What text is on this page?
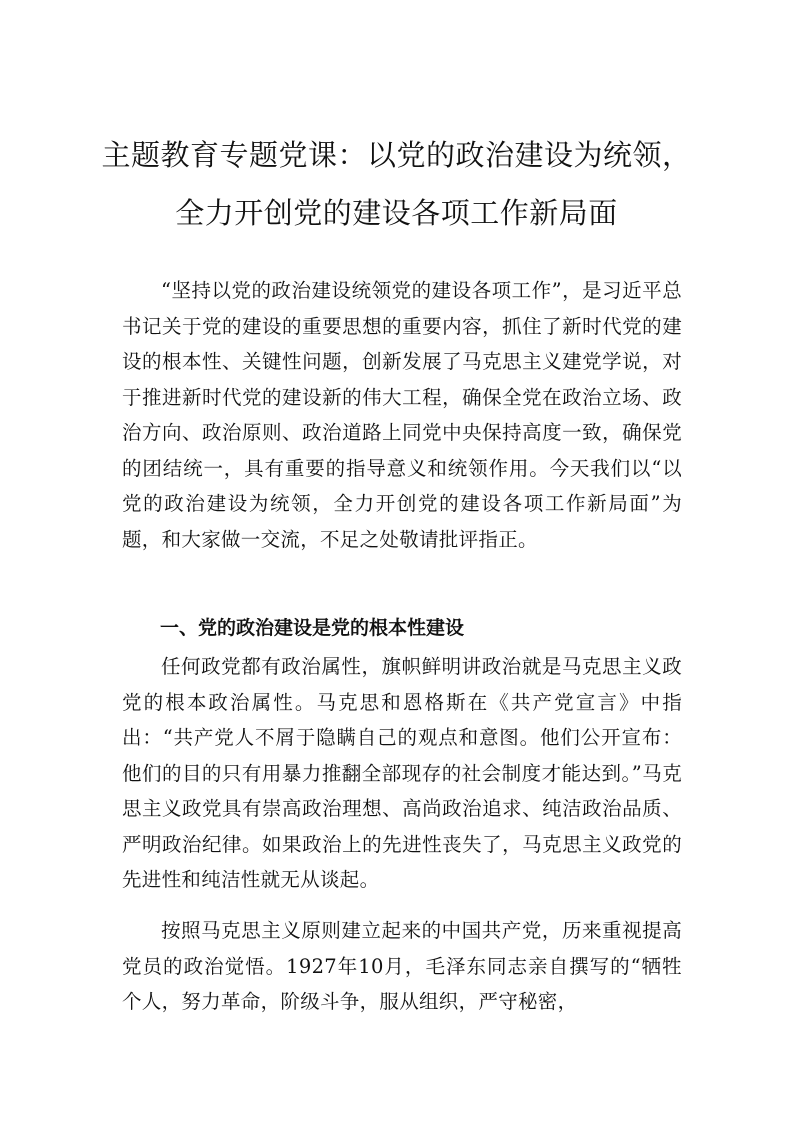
主题教育专题党课：以党的政治建设为统领，
全力开创党的建设各项工作新局面

“坚持以党的政治建设统领党的建设各项工作”，是习近平总书记关于党的建设的重要思想的重要内容，抓住了新时代党的建设的根本性、关键性问题，创新发展了马克思主义建党学说，对于推进新时代党的建设新的伟大工程，确保全党在政治立场、政治方向、政治原则、政治道路上同党中央保持高度一致，确保党的团结统一，具有重要的指导意义和统领作用。今天我们以“以党的政治建设为统领，全力开创党的建设各项工作新局面”为题，和大家做一交流，不足之处敬请批评指正。

一、党的政治建设是党的根本性建设

任何政党都有政治属性，旗帜鲜明讲政治就是马克思主义政党的根本政治属性。马克思和恩格斯在《共产党宣言》中指出：“共产党人不屑于隐瞒自己的观点和意图。他们公开宣布：他们的目的只有用暴力推翻全部现存的社会制度才能达到。”马克思主义政党具有崇高政治理想、高尚政治追求、纯洁政治品质、严明政治纪律。如果政治上的先进性丧失了，马克思主义政党的先进性和纯洁性就无从谈起。

按照马克思主义原则建立起来的中国共产党，历来重视提高党员的政治觉悟。1927年10月，毛泽东同志亲自撰写的“牺牲个人，努力革命，阶级斗争，服从组织，严守秘密，
